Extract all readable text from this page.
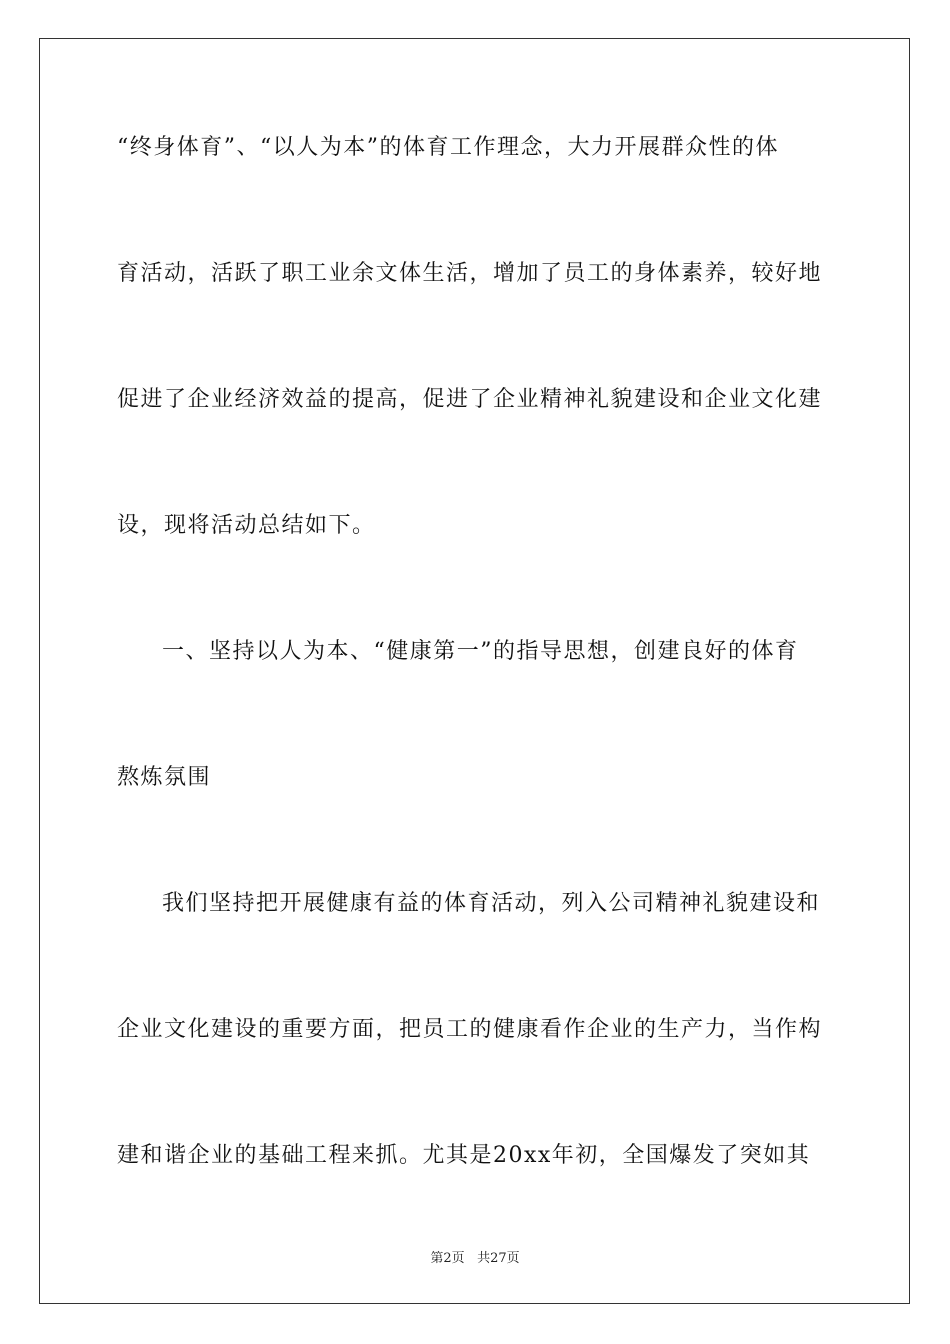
“终身体育”、“以人为本”的体育工作理念，大力开展群众性的体
育活动，活跃了职工业余文体生活，增加了员工的身体素养，较好地
促进了企业经济效益的提高，促进了企业精神礼貌建设和企业文化建
设，现将活动总结如下。
一、坚持以人为本、“健康第一”的指导思想，创建良好的体育
熬炼氛围
我们坚持把开展健康有益的体育活动，列入公司精神礼貌建设和
企业文化建设的重要方面，把员工的健康看作企业的生产力，当作构
建和谐企业的基础工程来抓。尤其是20xx年初，全国爆发了突如其
第2页 共27页
